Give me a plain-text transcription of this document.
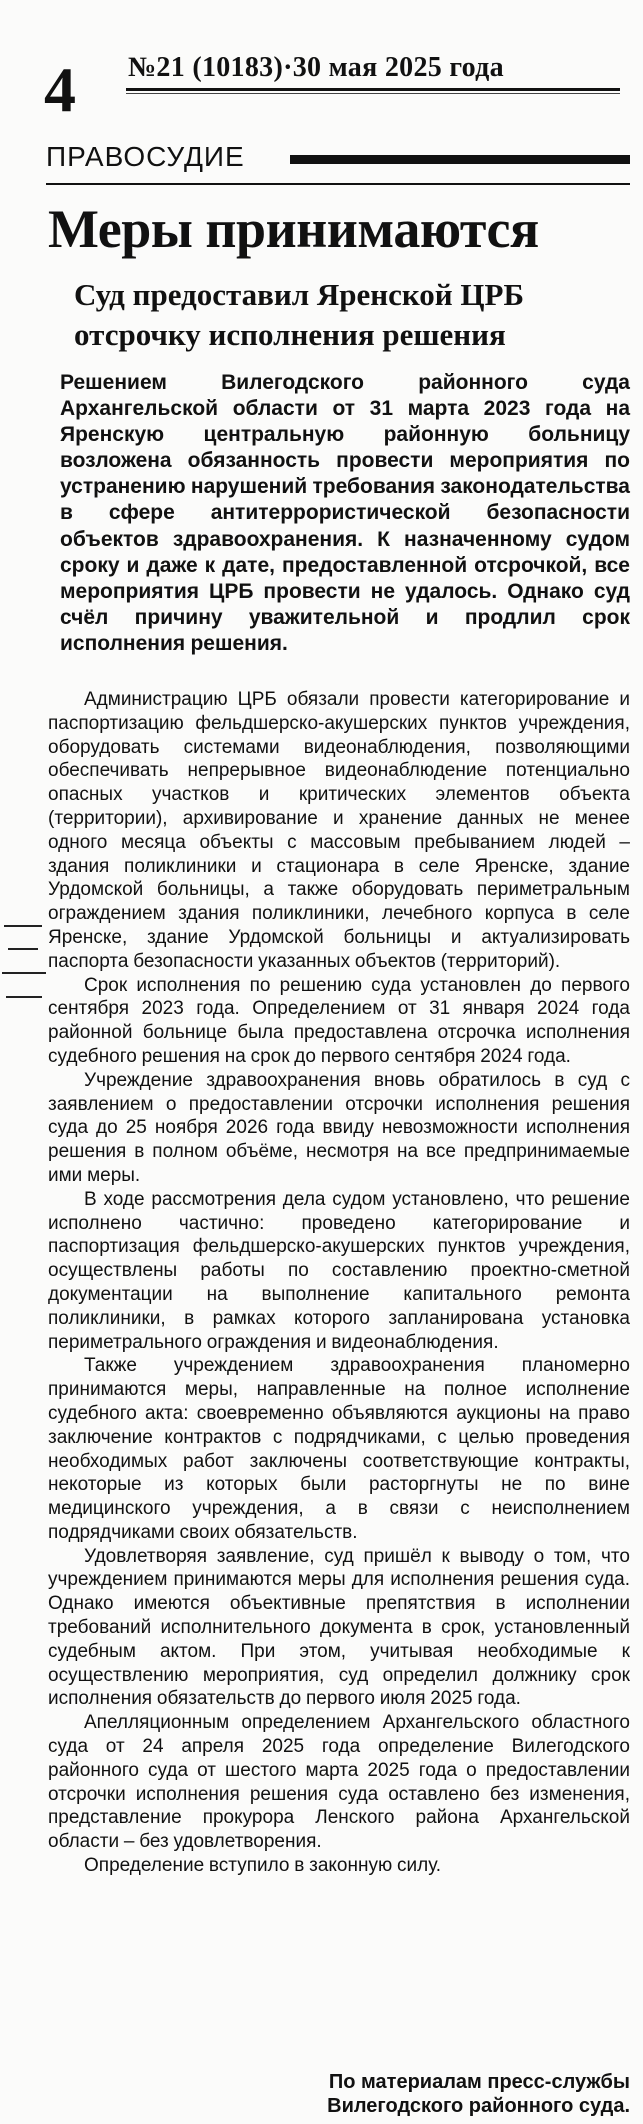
4 №21 (10183)·30 мая 2025 года
ПРАВОСУДИЕ
Меры принимаются
Суд предоставил Яренской ЦРБ отсрочку исполнения решения
Решением Вилегодского районного суда Архангельской области от 31 марта 2023 года на Яренскую центральную районную больницу возложена обязанность провести мероприятия по устранению нарушений требования законодательства в сфере антитеррористической безопасности объектов здравоохранения. К назначенному судом сроку и даже к дате, предоставленной отсрочкой, все мероприятия ЦРБ провести не удалось. Однако суд счёл причину уважительной и продлил срок исполнения решения.

Администрацию ЦРБ обязали провести категорирование и паспортизацию фельдшерско-акушерских пунктов учреждения, оборудовать системами видеонаблюдения, позволяющими обеспечивать непрерывное видеонаблюдение потенциально опасных участков и критических элементов объекта (территории), архивирование и хранение данных не менее одного месяца объекты с массовым пребыванием людей – здания поликлиники и стационара в селе Яренске, здание Урдомской больницы, а также оборудовать периметральным ограждением здания поликлиники, лечебного корпуса в селе Яренске, здание Урдомской больницы и актуализировать паспорта безопасности указанных объектов (территорий).

Срок исполнения по решению суда установлен до первого сентября 2023 года. Определением от 31 января 2024 года районной больнице была предоставлена отсрочка исполнения судебного решения на срок до первого сентября 2024 года.

Учреждение здравоохранения вновь обратилось в суд с заявлением о предоставлении отсрочки исполнения решения суда до 25 ноября 2026 года ввиду невозможности исполнения решения в полном объёме, несмотря на все предпринимаемые ими меры.

В ходе рассмотрения дела судом установлено, что решение исполнено частично: проведено категорирование и паспортизация фельдшерско-акушерских пунктов учреждения, осуществлены работы по составлению проектно-сметной документации на выполнение капитального ремонта поликлиники, в рамках которого запланирована установка периметрального ограждения и видеонаблюдения.

Также учреждением здравоохранения планомерно принимаются меры, направленные на полное исполнение судебного акта: своевременно объявляются аукционы на право заключение контрактов с подрядчиками, с целью проведения необходимых работ заключены соответствующие контракты, некоторые из которых были расторгнуты не по вине медицинского учреждения, а в связи с неисполнением подрядчиками своих обязательств.

Удовлетворяя заявление, суд пришёл к выводу о том, что учреждением принимаются меры для исполнения решения суда. Однако имеются объективные препятствия в исполнении требований исполнительного документа в срок, установленный судебным актом. При этом, учитывая необходимые к осуществлению мероприятия, суд определил должнику срок исполнения обязательств до первого июля 2025 года.

Апелляционным определением Архангельского областного суда от 24 апреля 2025 года определение Вилегодского районного суда от шестого марта 2025 года о предоставлении отсрочки исполнения решения суда оставлено без изменения, представление прокурора Ленского района Архангельской области – без удовлетворения.

Определение вступило в законную силу.

По материалам пресс-службы
Вилегодского районного суда.
